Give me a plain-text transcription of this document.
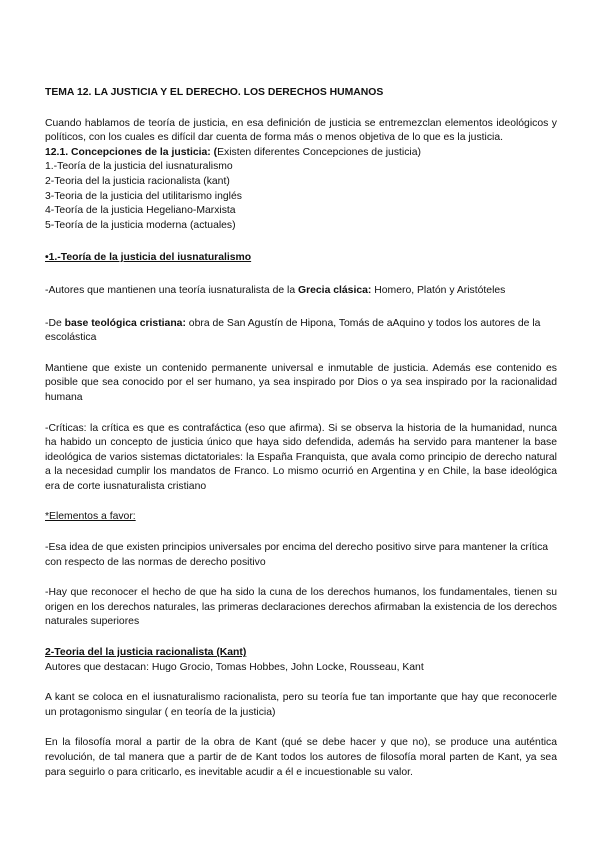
TEMA 12. LA JUSTICIA Y EL DERECHO. LOS DERECHOS HUMANOS

Cuando hablamos de teoría de justicia, en esa definición de justicia se entremezclan elementos ideológicos y políticos, con los cuales es difícil dar cuenta de forma más o menos objetiva de lo que es la justicia.

12.1. Concepciones de la justicia: (Existen diferentes Concepciones de justicia)

1.-Teoría de la justicia del iusnaturalismo
2-Teoria del la justicia racionalista (kant)
3-Teoria de la justicia del utilitarismo inglés
4-Teoría de la justicia Hegeliano-Marxista
5-Teoría de la justicia moderna (actuales)

•1.-Teoría de la justicia del iusnaturalismo

-Autores que mantienen una teoría iusnaturalista de la Grecia clásica: Homero, Platón y Aristóteles

-De base teológica cristiana: obra de San Agustín de Hipona, Tomás de aAquino y todos los autores de la escolástica

Mantiene que existe un contenido permanente universal e inmutable de justicia. Además ese contenido es posible que sea conocido por el ser humano, ya sea inspirado por Dios o ya sea inspirado por la racionalidad humana

-Críticas: la crítica es que es contrafáctica (eso que afirma). Si se observa la historia de la humanidad, nunca ha habido un concepto de justicia único que haya sido defendida, además ha servido para mantener la base ideológica de varios sistemas dictatoriales: la España Franquista, que avala como principio de derecho natural a la necesidad cumplir los mandatos de Franco. Lo mismo ocurrió en Argentina y en Chile, la base ideológica era de corte iusnaturalista cristiano

*Elementos a favor:

-Esa idea de que existen principios universales por encima del derecho positivo sirve para mantener la crítica con respecto de las normas de derecho positivo

-Hay que reconocer el hecho de que ha sido la cuna de los derechos humanos, los fundamentales, tienen su origen en los derechos naturales, las primeras declaraciones derechos afirmaban la existencia de los derechos naturales superiores

2-Teoria del la justicia racionalista (Kant)

Autores que destacan: Hugo Grocio, Tomas Hobbes, John Locke, Rousseau, Kant

A kant se coloca en el iusnaturalismo racionalista, pero su teoría fue tan importante que hay que reconocerle un protagonismo singular ( en teoría de la justicia)

En la filosofía moral a partir de la obra de Kant (qué se debe hacer y que no), se produce una auténtica revolución, de tal manera que a partir de de Kant todos los autores de filosofía moral parten de Kant, ya sea para seguirlo o para criticarlo, es inevitable acudir a él e incuestionable su valor.
